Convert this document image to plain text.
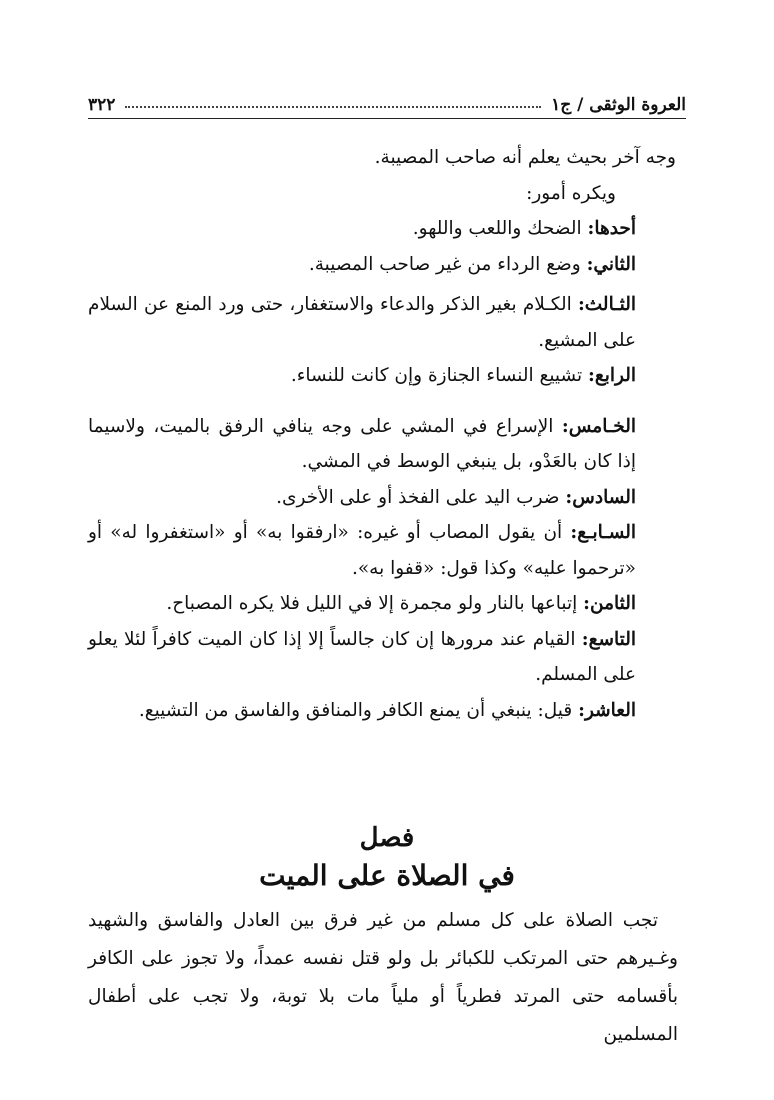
العروة الوثقى / ج١
٣٢٢

وجه آخر بحيث يعلم أنه صاحب المصيبة.

ويكره أمور:

أحدها: الضحك واللعب واللهو.

الثاني: وضع الرداء من غير صاحب المصيبة.

الثـالث: الكـلام بغير الذكر والدعاء والاستغفار، حتى ورد المنع عن السلام على المشيع.

الرابع: تشييع النساء الجنازة وإن كانت للنساء.

الخـامس: الإسراع في المشي على وجه ينافي الرفق بالميت، ولاسيما إذا كان بالعَدْو، بل ينبغي الوسط في المشي.

السادس: ضرب اليد على الفخذ أو على الأخرى.

السـابـع: أن يقول المصاب أو غيره: «ارفقوا به» أو «استغفروا له» أو «ترحموا عليه» وكذا قول: «قفوا به».

الثامن: إتباعها بالنار ولو مجمرة إلا في الليل فلا يكره المصباح.

التاسع: القيام عند مرورها إن كان جالساً إلا إذا كان الميت كافراً لئلا يعلو على المسلم.

العاشر: قيل: ينبغي أن يمنع الكافر والمنافق والفاسق من التشييع.

فصل
في الصلاة على الميت

تجب الصلاة على كل مسلم من غير فرق بين العادل والفاسق والشهيد وغـيرهم حتى المرتكب للكبائر بل ولو قتل نفسه عمداً، ولا تجوز على الكافر بأقسامه حتى المرتد فطرياً أو ملياً مات بلا توبة، ولا تجب على أطفال المسلمين
